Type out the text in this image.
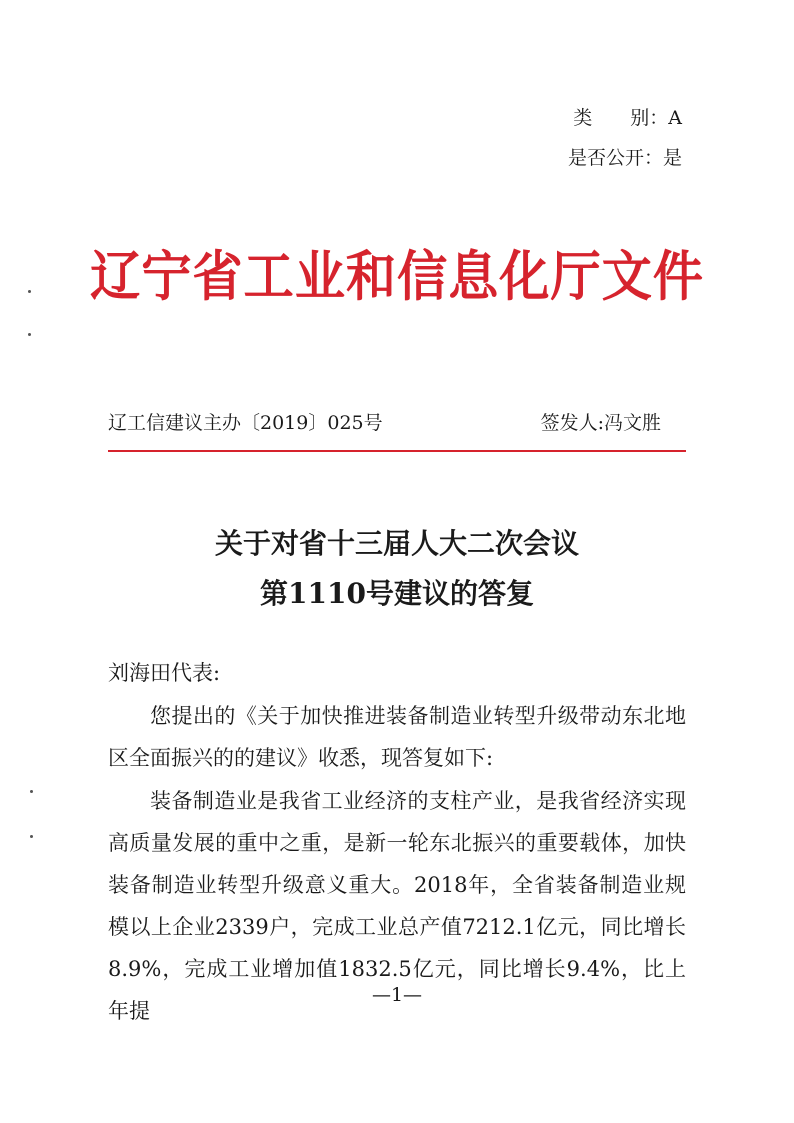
类　　别： A
是否公开： 是
辽宁省工业和信息化厅文件
辽工信建议主办〔2019〕025号	签发人:冯文胜
关于对省十三届人大二次会议
第1110号建议的答复
刘海田代表:
您提出的《关于加快推进装备制造业转型升级带动东北地区全面振兴的的建议》收悉，现答复如下:
装备制造业是我省工业经济的支柱产业，是我省经济实现高质量发展的重中之重，是新一轮东北振兴的重要载体，加快装备制造业转型升级意义重大。2018年，全省装备制造业规模以上企业2339户，完成工业总产值7212.1亿元，同比增长8.9%，完成工业增加值1832.5亿元，同比增长9.4%，比上年提
—1—
